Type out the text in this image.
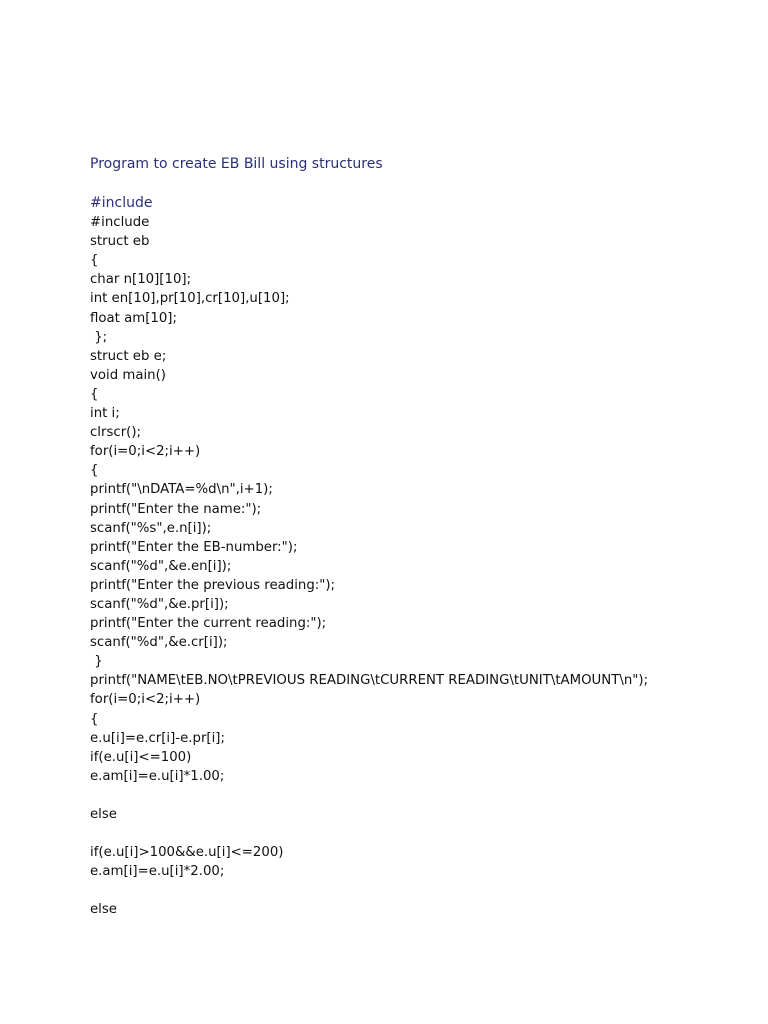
Program to create EB Bill using structures
#include
#include
struct eb
{
char n[10][10];
int en[10],pr[10],cr[10],u[10];
float am[10];
};
struct eb e;
void main()
{
int i;
clrscr();
for(i=0;i<2;i++)
{
printf("\nDATA=%d\n",i+1);
printf("Enter the name:");
scanf("%s",e.n[i]);
printf("Enter the EB-number:");
scanf("%d",&e.en[i]);
printf("Enter the previous reading:");
scanf("%d",&e.pr[i]);
printf("Enter the current reading:");
scanf("%d",&e.cr[i]);
}
printf("NAME\tEB.NO\tPREVIOUS READING\tCURRENT READING\tUNIT\tAMOUNT\n");
for(i=0;i<2;i++)
{
e.u[i]=e.cr[i]-e.pr[i];
if(e.u[i]<=100)
e.am[i]=e.u[i]*1.00;
else
if(e.u[i]>100&&e.u[i]<=200)
e.am[i]=e.u[i]*2.00;
else
